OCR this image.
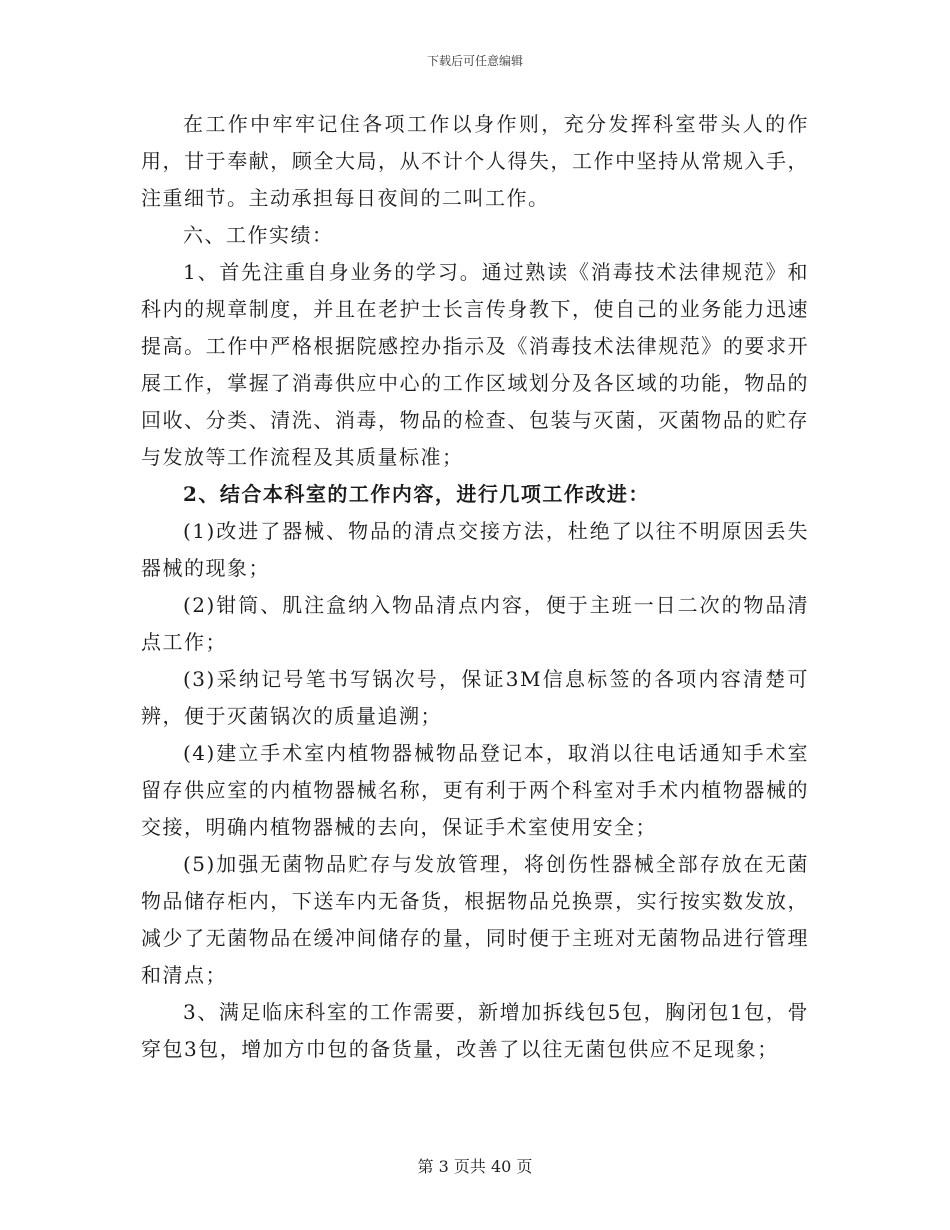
下载后可任意编辑

在工作中牢牢记住各项工作以身作则，充分发挥科室带头人的作用，甘于奉献，顾全大局，从不计个人得失，工作中坚持从常规入手，注重细节。主动承担每日夜间的二叫工作。

六、工作实绩：

1、首先注重自身业务的学习。通过熟读《消毒技术法律规范》和科内的规章制度，并且在老护士长言传身教下，使自己的业务能力迅速提高。工作中严格根据院感控办指示及《消毒技术法律规范》的要求开展工作，掌握了消毒供应中心的工作区域划分及各区域的功能，物品的回收、分类、清洗、消毒，物品的检查、包装与灭菌，灭菌物品的贮存与发放等工作流程及其质量标准；

2、结合本科室的工作内容，进行几项工作改进：

(1)改进了器械、物品的清点交接方法，杜绝了以往不明原因丢失器械的现象；

(2)钳筒、肌注盒纳入物品清点内容，便于主班一日二次的物品清点工作；

(3)采纳记号笔书写锅次号，保证3M信息标签的各项内容清楚可辨，便于灭菌锅次的质量追溯；

(4)建立手术室内植物器械物品登记本，取消以往电话通知手术室留存供应室的内植物器械名称，更有利于两个科室对手术内植物器械的交接，明确内植物器械的去向，保证手术室使用安全；

(5)加强无菌物品贮存与发放管理，将创伤性器械全部存放在无菌物品储存柜内，下送车内无备货，根据物品兑换票，实行按实数发放，减少了无菌物品在缓冲间储存的量，同时便于主班对无菌物品进行管理和清点；

3、满足临床科室的工作需要，新增加拆线包5包，胸闭包1包，骨穿包3包，增加方巾包的备货量，改善了以往无菌包供应不足现象；

第 3 页共 40 页
